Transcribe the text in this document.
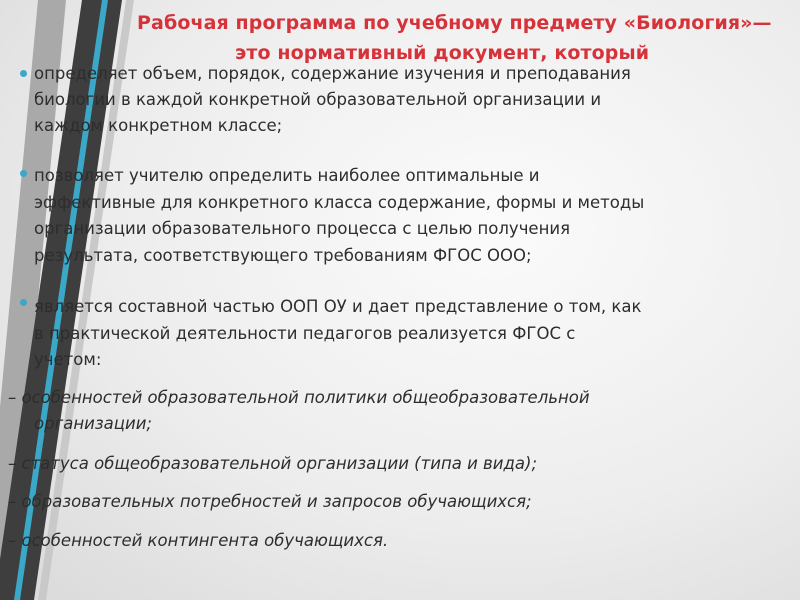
Рабочая программа по учебному предмету «Биология»—
это нормативный документ, который
определяет объем, порядок, содержание изучения и преподавания
биологии в каждой конкретной образовательной организации и
каждом конкретном классе;
позволяет учителю определить наиболее оптимальные и
эффективные для конкретного класса содержание, формы и методы
организации образовательного процесса с целью получения
результата, соответствующего требованиям ФГОС ООО;
является составной частью ООП ОУ и дает представление о том, как
в практической деятельности педагогов реализуется ФГОС с
учетом:
– особенностей образовательной политики общеобразовательной
организации;
– статуса общеобразовательной организации (типа и вида);
– образовательных потребностей и запросов обучающихся;
– особенностей контингента обучающихся.
